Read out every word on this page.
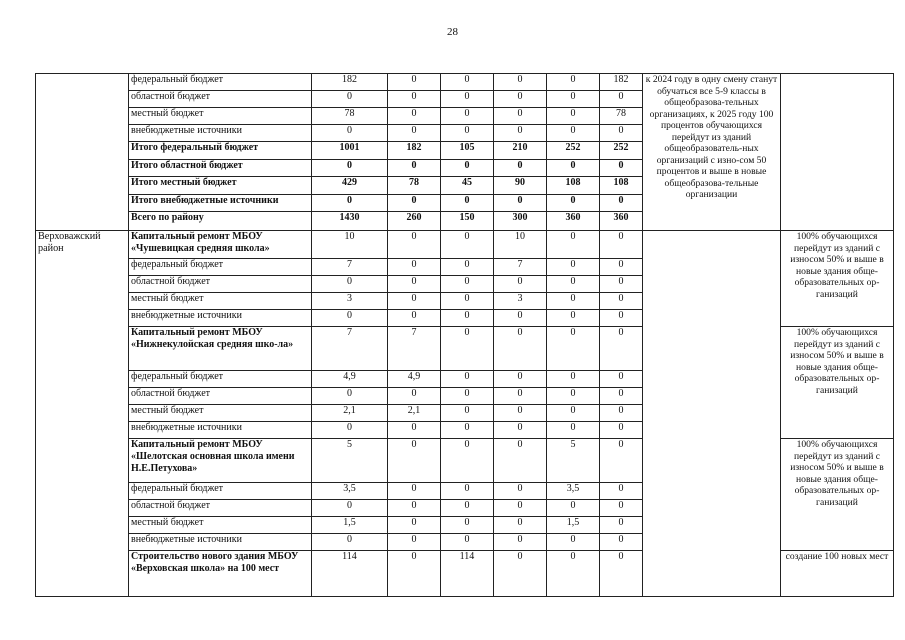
28
	федеральный бюджет	182	0	0	0	0	182	к 2024 году в одну смену станут обучаться все 5-9 классы в общеобразова-тельных организациях, к 2025 году 100 процентов обучающихся перейдут из зданий общеобразователь-ных организаций с изно-сом 50 процентов и выше в новые общеобразова-тельные организации	
	областной бюджет	0	0	0	0	0	0		
	местный бюджет	78	0	0	0	0	78		
	внебюджетные источники	0	0	0	0	0	0		
	Итого федеральный бюджет	1001	182	105	210	252	252		
	Итого областной бюджет	0	0	0	0	0	0		
	Итого местный бюджет	429	78	45	90	108	108		
	Итого внебюджетные источники	0	0	0	0	0	0		
	Всего по району	1430	260	150	300	360	360		
Верховажский район	Капитальный ремонт МБОУ «Чушевицкая средняя школа»	10	0	0	10	0	0		100% обучающихся перейдут из зданий с износом 50% и выше в новые здания обще-образовательных ор-ганизаций
	федеральный бюджет	7	0	0	7	0	0		
	областной бюджет	0	0	0	0	0	0		
	местный бюджет	3	0	0	3	0	0		
	внебюджетные источники	0	0	0	0	0	0		
	Капитальный ремонт МБОУ «Нижнекулойская средняя шко-ла»	7	7	0	0	0	0		100% обучающихся перейдут из зданий с износом 50% и выше в новые здания обще-образовательных ор-ганизаций
	федеральный бюджет	4,9	4,9	0	0	0	0		
	областной бюджет	0	0	0	0	0	0		
	местный бюджет	2,1	2,1	0	0	0	0		
	внебюджетные источники	0	0	0	0	0	0		
	Капитальный ремонт МБОУ «Шелотская основная школа имени Н.Е.Петухова»	5	0	0	0	5	0		100% обучающихся перейдут из зданий с износом 50% и выше в новые здания обще-образовательных ор-ганизаций
	федеральный бюджет	3,5	0	0	0	3,5	0		
	областной бюджет	0	0	0	0	0	0		
	местный бюджет	1,5	0	0	0	1,5	0		
	внебюджетные источники	0	0	0	0	0	0		
	Строительство нового здания МБОУ «Верховская школа» на 100 мест	114	0	114	0	0	0		создание 100 новых мест
